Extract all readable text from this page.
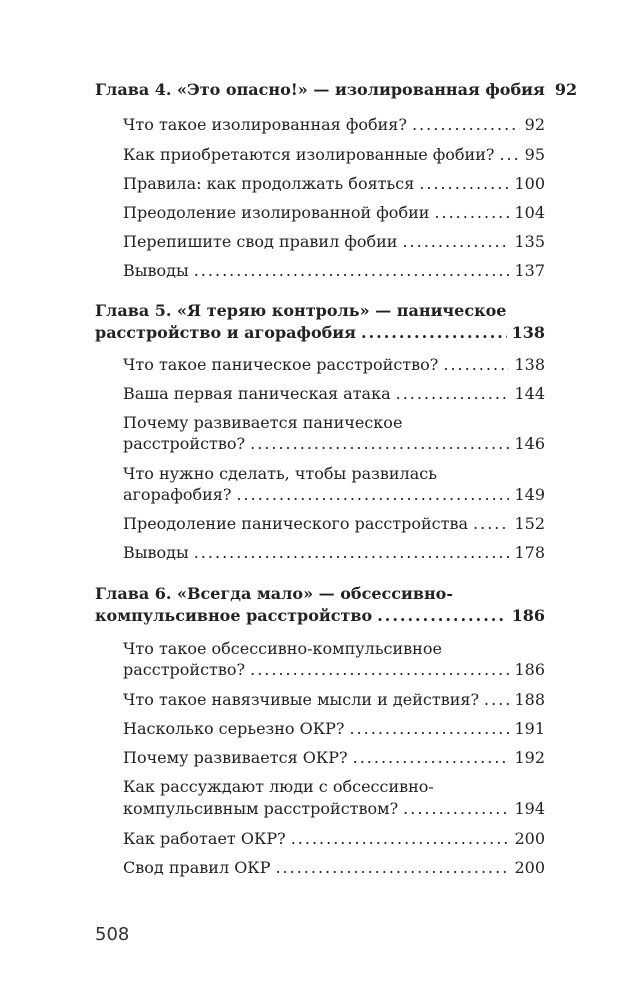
Глава 4. «Это опасно!» — изолированная фобия 92
Что такое изолированная фобия? .....	92
Как приобретаются изолированные фобии? ..... 95
Правила: как продолжать бояться .....	100
Преодоление изолированной фобии .....	104
Перепишите свод правил фобии .....	135
Выводы .....	137
Глава 5. «Я теряю контроль» — паническое
расстройство и агорафобия .....	138
Что такое паническое расстройство? .....	138
Ваша первая паническая атака .....	144
Почему развивается паническое
расстройство? .....	146
Что нужно сделать, чтобы развилась
агорафобия? .....	149
Преодоление панического расстройства .....	152
Выводы .....	178
Глава 6. «Всегда мало» — обсессивно-
компульсивное расстройство .....	186
Что такое обсессивно-компульсивное
расстройство? .....	186
Что такое навязчивые мысли и действия? ..... 188
Насколько серьезно ОКР? .....	191
Почему развивается ОКР? .....	192
Как рассуждают люди с обсессивно-
компульсивным расстройством? .....	194
Как работает ОКР? .....	200
Свод правил ОКР .....	200
508
